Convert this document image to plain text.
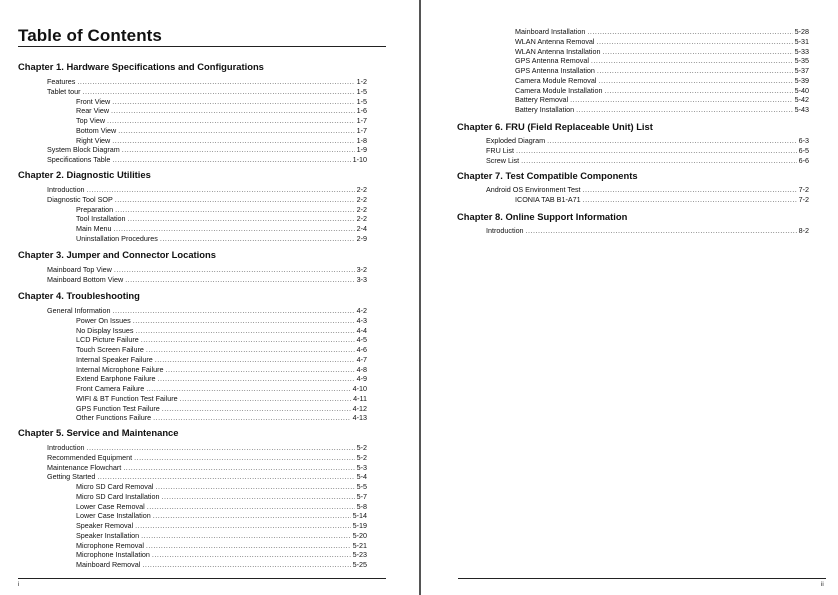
Table of Contents
Chapter 1. Hardware Specifications and Configurations
Features .....	1-2
Tablet tour .....	1-5
Front View .....	1-5
Rear View .....	1-6
Top View .....	1-7
Bottom View .....	1-7
Right View .....	1-8
System Block Diagram .....	1-9
Specifications Table .....	1-10
Chapter 2. Diagnostic Utilities
Introduction .....	2-2
Diagnostic Tool SOP .....	2-2
Preparation .....	2-2
Tool Installation .....	2-2
Main Menu .....	2-4
Uninstallation Procedures .....	2-9
Chapter 3. Jumper and Connector Locations
Mainboard Top View .....	3-2
Mainboard Bottom View .....	3-3
Chapter 4. Troubleshooting
General Information .....	4-2
Power On Issues .....	4-3
No Display Issues .....	4-4
LCD Picture Failure .....	4-5
Touch Screen Failure .....	4-6
Internal Speaker Failure .....	4-7
Internal Microphone Failure .....	4-8
Extend Earphone Failure .....	4-9
Front Camera Failure .....	4-10
WIFI & BT Function Test Failure .....	4-11
GPS Function Test Failure .....	4-12
Other Functions Failure .....	4-13
Chapter 5. Service and Maintenance
Introduction .....	5-2
Recommended Equipment .....	5-2
Maintenance Flowchart .....	5-3
Getting Started .....	5-4
Micro SD Card Removal .....	5-5
Micro SD Card Installation .....	5-7
Lower Case Removal .....	5-8
Lower Case Installation .....	5-14
Speaker Removal .....	5-19
Speaker Installation .....	5-20
Microphone Removal .....	5-21
Microphone Installation .....	5-23
Mainboard Removal .....	5-25
i
Mainboard Installation .....	5-28
WLAN Antenna Removal .....	5-31
WLAN Antenna Installation .....	5-33
GPS Antenna Removal .....	5-35
GPS Antenna Installation .....	5-37
Camera Module Removal .....	5-39
Camera Module Installation .....	5-40
Battery Removal .....	5-42
Battery Installation .....	5-43
Chapter 6. FRU (Field Replaceable Unit) List
Exploded Diagram .....	6-3
FRU List .....	6-5
Screw List .....	6-6
Chapter 7. Test Compatible Components
Android OS Environment Test .....	7-2
ICONIA TAB B1-A71 .....	7-2
Chapter 8. Online Support Information
Introduction .....	8-2
ii
